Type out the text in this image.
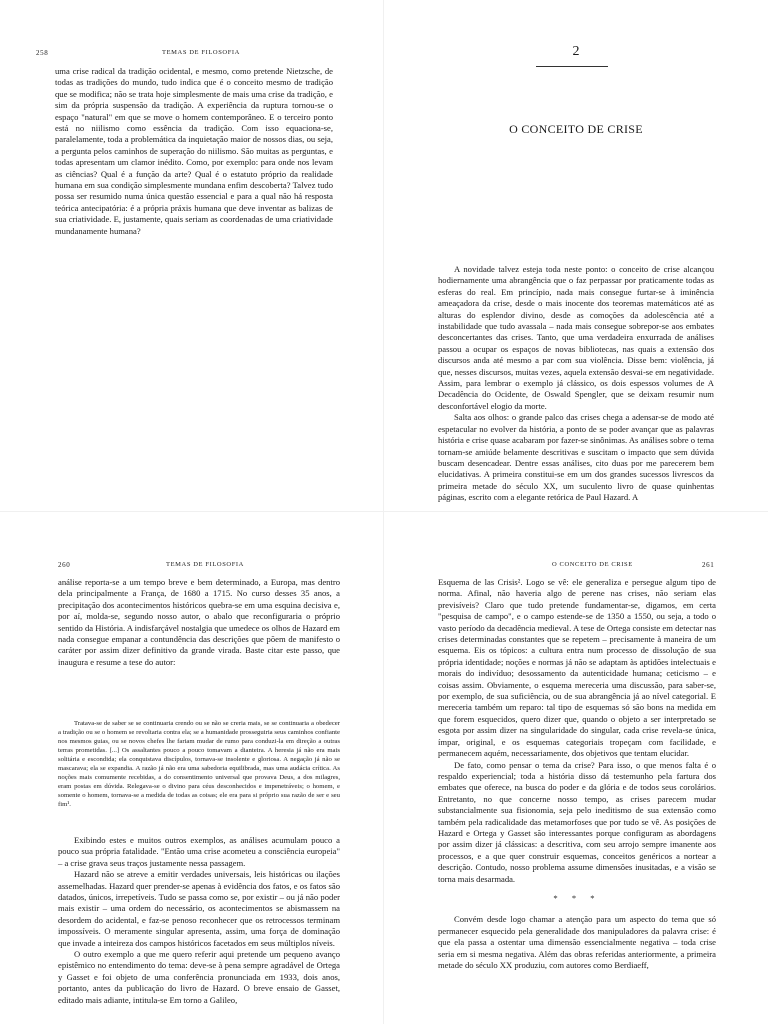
258	TEMAS DE FILOSOFIA

uma crise radical da tradição ocidental, e mesmo, como pretende Nietzsche, de todas as tradições do mundo, tudo indica que é o conceito mesmo de tradição que se modifica; não se trata hoje simplesmente de mais uma crise da tradição, e sim da própria suspensão da tradição. A experiência da ruptura tornou-se o espaço "natural" em que se move o homem contemporâneo. E o terceiro ponto está no niilismo como essência da tradição. Com isso equaciona-se, paralelamente, toda a problemática da inquietação maior de nossos dias, ou seja, a pergunta pelos caminhos de superação do niilismo. São muitas as perguntas, e todas apresentam um clamor inédito. Como, por exemplo: para onde nos levam as ciências? Qual é a função da arte? Qual é o estatuto próprio da realidade humana em sua condição simplesmente mundana enfim descoberta? Talvez tudo possa ser resumido numa única questão essencial e para a qual não há resposta teórica antecipatória: é a própria práxis humana que deve inventar as balizas de sua criatividade. E, justamente, quais seriam as coordenadas de uma criatividade mundanamente humana?

2
O CONCEITO DE CRISE

A novidade talvez esteja toda neste ponto: o conceito de crise alcançou hodiernamente uma abrangência que o faz perpassar por praticamente todas as esferas do real. Em princípio, nada mais consegue furtar-se à iminência ameaçadora da crise, desde o mais inocente dos teoremas matemáticos até as alturas do esplendor divino, desde as comoções da adolescência até a instabilidade que tudo avassala – nada mais consegue sobrepor-se aos embates desconcertantes das crises. Tanto, que uma verdadeira enxurrada de análises passou a ocupar os espaços de novas bibliotecas, nas quais a extensão dos discursos anda até mesmo a par com sua violência. Disse bem: violência, já que, nesses discursos, muitas vezes, aquela extensão desvai-se em negatividade. Assim, para lembrar o exemplo já clássico, os dois espessos volumes de A Decadência do Ocidente, de Oswald Spengler, que se deixam resumir num desconfortável elogio da morte.

Salta aos olhos: o grande palco das crises chega a adensar-se de modo até espetacular no evolver da história, a ponto de se poder avançar que as palavras história e crise quase acabaram por fazer-se sinônimas. As análises sobre o tema tornam-se amiúde belamente descritivas e suscitam o impacto que sem dúvida buscam desencadear. Dentre essas análises, cito duas por me parecerem bem elucidativas. A primeira constitui-se em um dos grandes sucessos livrescos da primeira metade do século XX, um suculento livro de quase quinhentas páginas, escrito com a elegante retórica de Paul Hazard. A

260	TEMAS DE FILOSOFIA

análise reporta-se a um tempo breve e bem determinado, a Europa, mas dentro dela principalmente a França, de 1680 a 1715. No curso desses 35 anos, a precipitação dos acontecimentos históricos quebra-se em uma esquina decisiva e, por aí, molda-se, segundo nosso autor, o abalo que reconfiguraria o próprio sentido da História. A indisfarçável nostalgia que umedece os olhos de Hazard em nada consegue empanar a contundência das descrições que põem de manifesto o caráter por assim dizer definitivo da grande virada. Baste citar este passo, que inaugura e resume a tese do autor:

Tratava-se de saber se se continuaria crendo ou se não se creria mais, se se continuaria a obedecer a tradição ou se o homem se revoltaria contra ela; se a humanidade prosseguiria seus caminhos confiante nos mesmos guias, ou se novos chefes lhe fariam mudar de rumo para conduzi-la em direção a outras terras prometidas. [...] Os assaltantes pouco a pouco tomavam a dianteira. A heresia já não era mais solitária e escondida; ela conquistava discípulos, tornava-se insolente e gloriosa. A negação já não se mascarava; ela se expandia. A razão já não era uma sabedoria equilibrada, mas uma audácia crítica. As noções mais comumente recebidas, a do consentimento universal que provava Deus, a dos milagres, eram postas em dúvida. Relegava-se o divino para céus desconhecidos e impenetráveis; o homem, e somente o homem, tornava-se a medida de todas as coisas; ele era para si próprio sua razão de ser e seu fim¹.

Exibindo estes e muitos outros exemplos, as análises acumulam pouco a pouco sua própria fatalidade. "Então uma crise acometeu a consciência europeia" – a crise grava seus traços justamente nessa passagem.

Hazard não se atreve a emitir verdades universais, leis históricas ou ilações assemelhadas. Hazard quer prender-se apenas à evidência dos fatos, e os fatos são datados, únicos, irrepetíveis. Tudo se passa como se, por existir – ou já não poder mais existir – uma ordem do necessário, os acontecimentos se abismassem na desordem do acidental, e faz-se penoso reconhecer que os retrocessos terminam impossíveis. O meramente singular apresenta, assim, uma força de dominação que invade a inteireza dos campos históricos facetados em seus múltiplos níveis.

O outro exemplo a que me quero referir aqui pretende um pequeno avanço epistêmico no entendimento do tema: deve-se à pena sempre agradável de Ortega y Gasset e foi objeto de uma conferência pronunciada em 1933, dois anos, portanto, antes da publicação do livro de Hazard. O breve ensaio de Gasset, editado mais adiante, intitula-se Em torno a Galileo,

O CONCEITO DE CRISE	261

Esquema de las Crisis². Logo se vê: ele generaliza e persegue algum tipo de norma. Afinal, não haveria algo de perene nas crises, não seriam elas previsíveis? Claro que tudo pretende fundamentar-se, digamos, em certa "pesquisa de campo", e o campo estende-se de 1350 a 1550, ou seja, a todo o vasto período da decadência medieval. A tese de Ortega consiste em detectar nas crises determinadas constantes que se repetem – precisamente à maneira de um esquema. Eis os tópicos: a cultura entra num processo de dissolução de sua própria identidade; noções e normas já não se adaptam às aptidões intelectuais e morais do indivíduo; desossamento da autenticidade humana; ceticismo – e coisas assim. Obviamente, o esquema mereceria uma discussão, para saber-se, por exemplo, de sua suficiência, ou de sua abrangência já ao nível categorial. E mereceria também um reparo: tal tipo de esquemas só são bons na medida em que forem esquecidos, quero dizer que, quando o objeto a ser interpretado se esgota por assim dizer na singularidade do singular, cada crise revela-se única, ímpar, original, e os esquemas categoriais tropeçam com facilidade, e permanecem aquém, necessariamente, dos objetivos que tentam elucidar.

De fato, como pensar o tema da crise? Para isso, o que menos falta é o respaldo experiencial; toda a história disso dá testemunho pela fartura dos embates que oferece, na busca do poder e da glória e de todos seus corolários. Entretanto, no que concerne nosso tempo, as crises parecem mudar substancialmente sua fisionomia, seja pelo ineditismo de sua extensão como também pela radicalidade das metamorfoses que por tudo se vê. As posições de Hazard e Ortega y Gasset são interessantes porque configuram as abordagens por assim dizer já clássicas: a descritiva, com seu arrojo sempre imanente aos processos, e a que quer construir esquemas, conceitos genéricos a nortear a descrição. Contudo, nosso problema assume dimensões inusitadas, e a visão se torna mais desarmada.

* * *

Convém desde logo chamar a atenção para um aspecto do tema que só permanecer esquecido pela generalidade dos manipuladores da palavra crise: é que ela passa a ostentar uma dimensão essencialmente negativa – toda crise seria em si mesma negativa. Além das obras referidas anteriormente, a primeira metade do século XX produziu, com autores como Berdiaeff,
